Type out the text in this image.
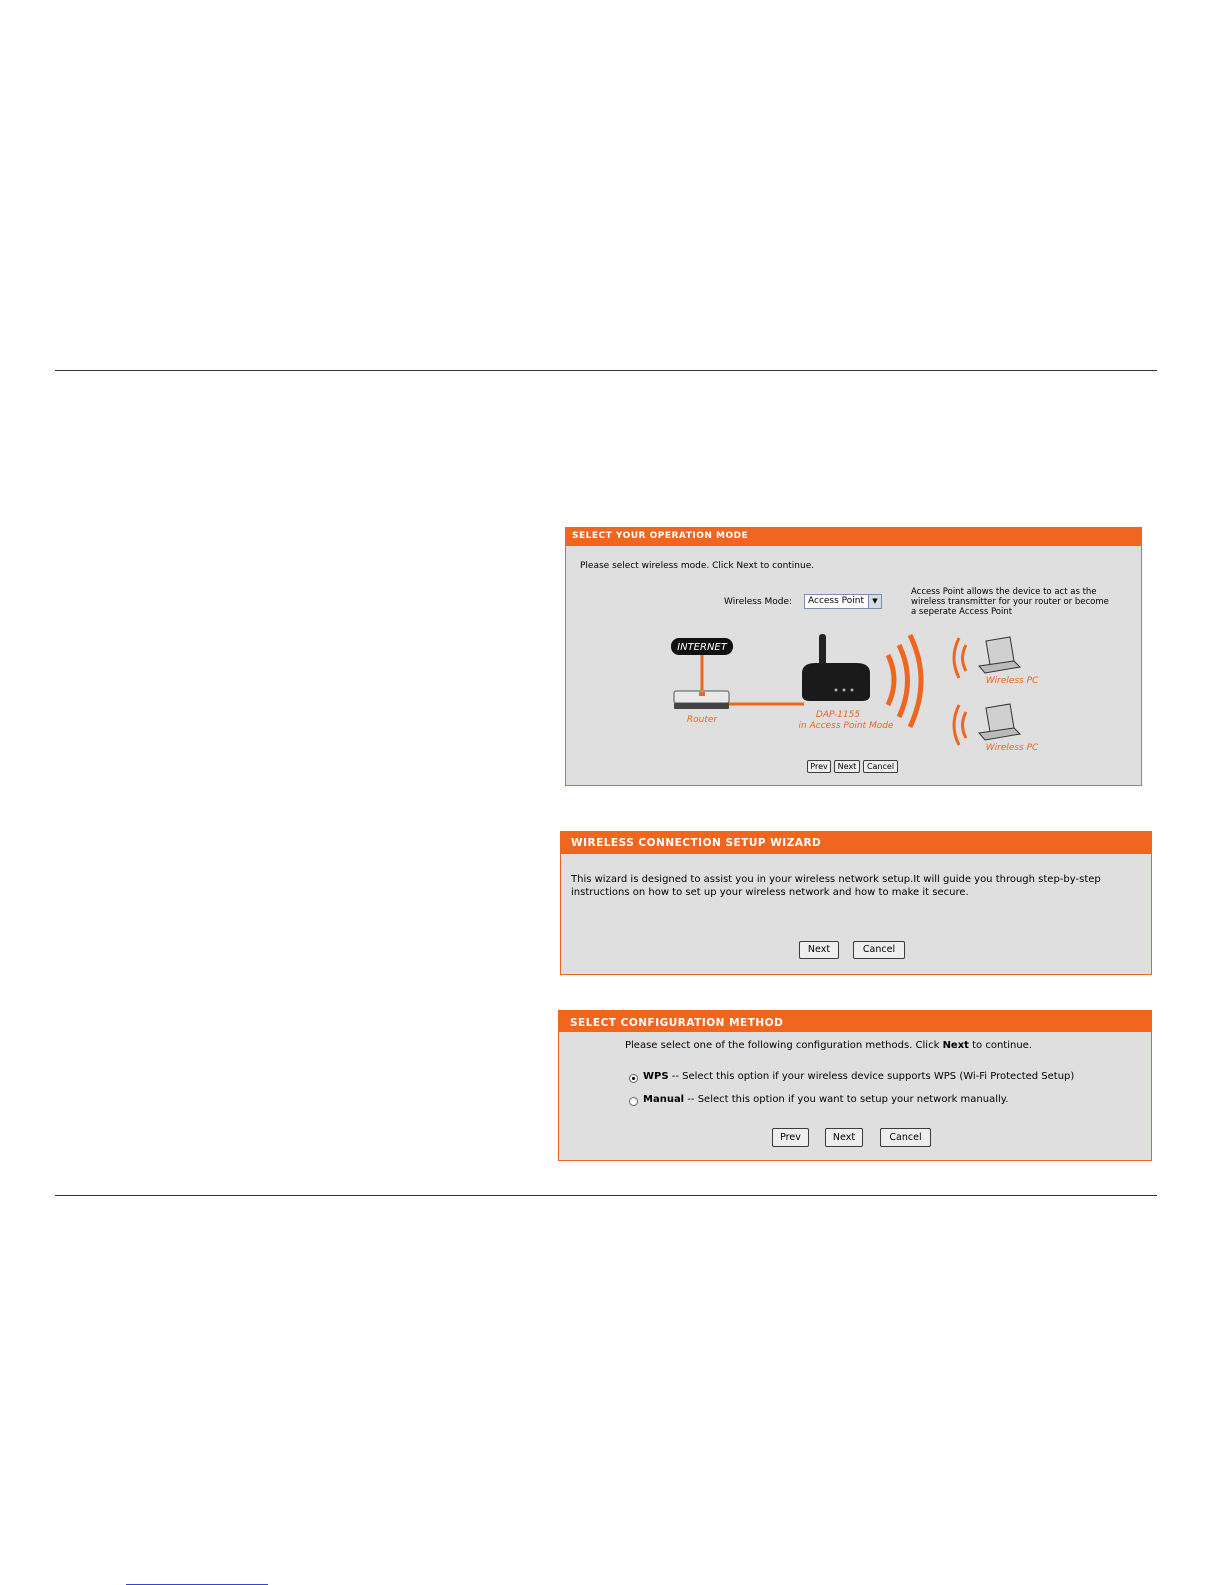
SELECT YOUR OPERATION MODE
Please select wireless mode. Click Next to continue.
Wireless Mode:	Access Point	▼
Access Point allows the device to act as the
wireless transmitter for your router or become
a seperate Access Point
INTERNET
Router	DAP-1155
in Access Point Mode
Wireless PC
Wireless PC
Prev	Next	Cancel
WIRELESS CONNECTION SETUP WIZARD
This wizard is designed to assist you in your wireless network setup.It will guide you through step-by-step
instructions on how to set up your wireless network and how to make it secure.
Next	Cancel
SELECT CONFIGURATION METHOD
Please select one of the following configuration methods. Click Next to continue.
WPS -- Select this option if your wireless device supports WPS (Wi-Fi Protected Setup)
Manual -- Select this option if you want to setup your network manually.
Prev	Next	Cancel
